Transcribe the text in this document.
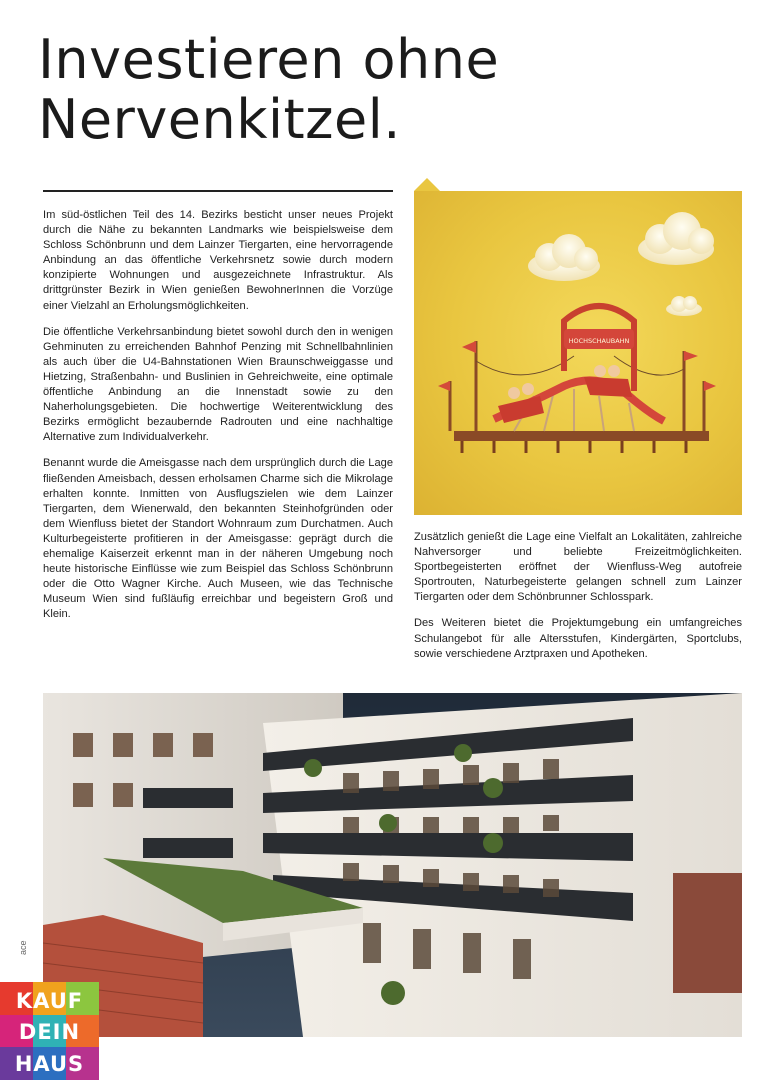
Investieren ohne
Nervenkitzel.

Im süd-östlichen Teil des 14. Bezirks besticht unser neues Projekt durch die Nähe zu bekannten Landmarks wie beispielsweise dem Schloss Schönbrunn und dem Lainzer Tiergarten, eine hervorragende Anbindung an das öffentliche Verkehrsnetz sowie durch modern konzipierte Wohnungen und ausgezeichnete Infrastruktur. Als drittgrünster Bezirk in Wien genießen BewohnerInnen die Vorzüge einer Vielzahl an Erholungsmöglichkeiten.

Die öffentliche Verkehrsanbindung bietet sowohl durch den in wenigen Gehminuten zu erreichenden Bahnhof Penzing mit Schnellbahnlinien als auch über die U4-Bahnstationen Wien Braunschweiggasse und Hietzing, Straßenbahn- und Buslinien in Gehreichweite, eine optimale öffentliche Anbindung an die Innenstadt sowie zu den Naherholungsgebieten. Die hochwertige Weiterentwicklung des Bezirks ermöglicht bezaubernde Radrouten und eine nachhaltige Alternative zum Individualverkehr.

Benannt wurde die Ameisgasse nach dem ursprünglich durch die Lage fließenden Ameisbach, dessen erholsamen Charme sich die Mikrolage erhalten konnte. Inmitten von Ausflugszielen wie dem Lainzer Tiergarten, dem Wienerwald, den bekannten Steinhofgründen oder dem Wienfluss bietet der Standort Wohnraum zum Durchatmen. Auch Kulturbegeisterte profitieren in der Ameisgasse: geprägt durch die ehemalige Kaiserzeit erkennt man in der näheren Umgebung noch heute historische Einflüsse wie zum Beispiel das Schloss Schönbrunn oder die Otto Wagner Kirche. Auch Museen, wie das Technische Museum Wien sind fußläufig erreichbar und begeistern Groß und Klein.

HOCHSCHAUBAHN

Zusätzlich genießt die Lage eine Vielfalt an Lokalitäten, zahlreiche Nahversorger und beliebte Freizeitmöglichkeiten. Sportbegeisterten eröffnet der Wienfluss-Weg autofreie Sportrouten, Naturbegeisterte gelangen schnell zum Lainzer Tiergarten oder dem Schönbrunner Schlosspark.

Des Weiteren bietet die Projektumgebung ein umfangreiches Schulangebot für alle Altersstufen, Kindergärten, Sportclubs, sowie verschiedene Arztpraxen und Apotheken.

ace
KAUF
DEIN
HAUS
